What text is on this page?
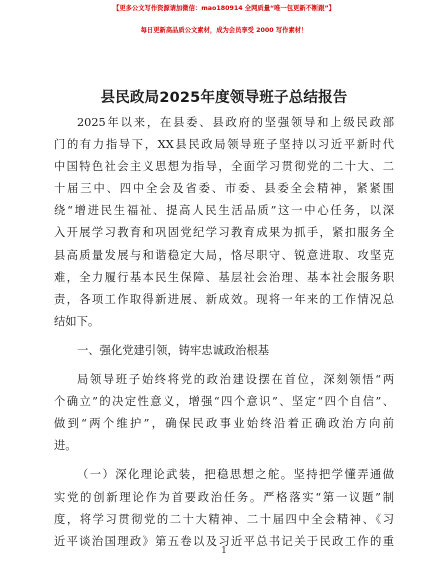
【更多公文写作资源请加微信：mao180914 全网质量“唯一包更新不断跟”】
每日更新高品质公文素材，成为会员享受 2000 写作素材！
县民政局2025年度领导班子总结报告
2025年以来，在县委、县政府的坚强领导和上级民政部
门的有力指导下，XX县民政局领导班子坚持以习近平新时代
中国特色社会主义思想为指导，全面学习贯彻党的二十大、二
十届三中、四中全会及省委、市委、县委全会精神，紧紧围
绕“增进民生福祉、提高人民生活品质”这一中心任务，以深
入开展学习教育和巩固党纪学习教育成果为抓手，紧扣服务全
县高质量发展与和谐稳定大局，恪尽职守、锐意进取、攻坚克
难，全力履行基本民生保障、基层社会治理、基本社会服务职
责，各项工作取得新进展、新成效。现将一年来的工作情况总
结如下。
一、强化党建引领，铸牢忠诚政治根基
局领导班子始终将党的政治建设摆在首位，深刻领悟“两
个确立”的决定性意义，增强“四个意识”、坚定“四个自信”、
做到“两个维护”，确保民政事业始终沿着正确政治方向前
进。
（一）深化理论武装，把稳思想之舵。坚持把学懂弄通做
实党的创新理论作为首要政治任务。严格落实“第一议题”制
度，将学习贯彻党的二十大精神、二十届四中全会精神、《习
近平谈治国理政》第五卷以及习近平总书记关于民政工作的重
1
